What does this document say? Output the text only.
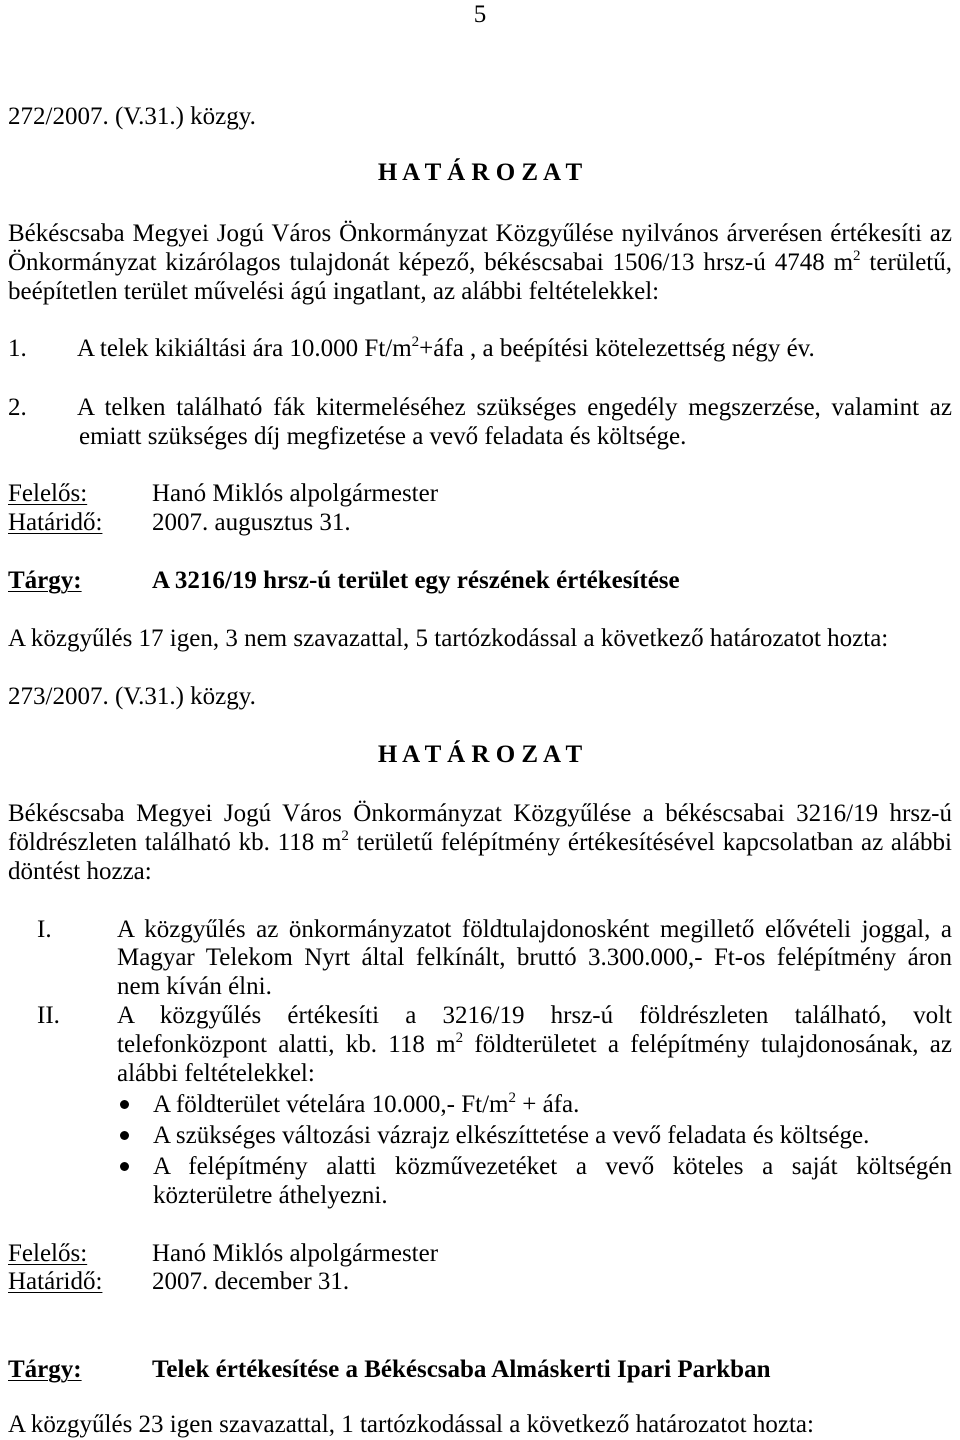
5
272/2007. (V.31.) közgy.
H A T Á R O Z A T
Békéscsaba Megyei Jogú Város Önkormányzat Közgyűlése nyilvános árverésen értékesíti az
Önkormányzat kizárólagos tulajdonát képező, békéscsabai 1506/13 hrsz-ú 4748 $m^2$ területű,
beépítetlen terület művelési ágú ingatlant, az alábbi feltételekkel:
1. A telek kikiáltási ára 10.000 $Ft/m^2+áfa$ , a beépítési kötelezettség négy év.
2. A telken található fák kitermeléséhez szükséges engedély megszerzése, valamint az
emiatt szükséges díj megfizetése a vevő feladata és költsége.
Felelős:	Hanó Miklós alpolgármester
Határidő: 2007. augusztus 31.
Tárgy:	A 3216/19 hrsz-ú terület egy részének értékesítése
A közgyűlés 17 igen, 3 nem szavazattal, 5 tartózkodással a következő határozatot hozta:
273/2007. (V.31.) közgy.
H A T Á R O Z A T
Békéscsaba Megyei Jogú Város Önkormányzat Közgyűlése a békéscsabai 3216/19 hrsz-ú
földrészleten található kb. 118 $m^2$ területű felépítmény értékesítésével kapcsolatban az alábbi
döntést hozza:
I.	A közgyűlés az önkormányzatot földtulajdonosként megillető elővételi joggal, a
Magyar Telekom Nyrt által felkínált, bruttó 3.300.000,- Ft-os felépítmény áron
nem kíván élni.
II. A közgyűlés értékesíti a 3216/19 hrsz-ú földrészleten található, volt
telefonközpont alatti, kb. 118 $m^2$ földterületet a felépítmény tulajdonosának, az
alábbi feltételekkel:
A földterület vételára 10.000,- $Ft/m^2$ + áfa.
A szükséges változási vázrajz elkészíttetése a vevő feladata és költsége.
A felépítmény alatti közművezetéket a vevő köteles a saját költségén
közterületre áthelyezni.
Felelős:	Hanó Miklós alpolgármester
Határidő: 2007. december 31.
Tárgy:	Telek értékesítése a Békéscsaba Almáskerti Ipari Parkban
A közgyűlés 23 igen szavazattal, 1 tartózkodással a következő határozatot hozta:
